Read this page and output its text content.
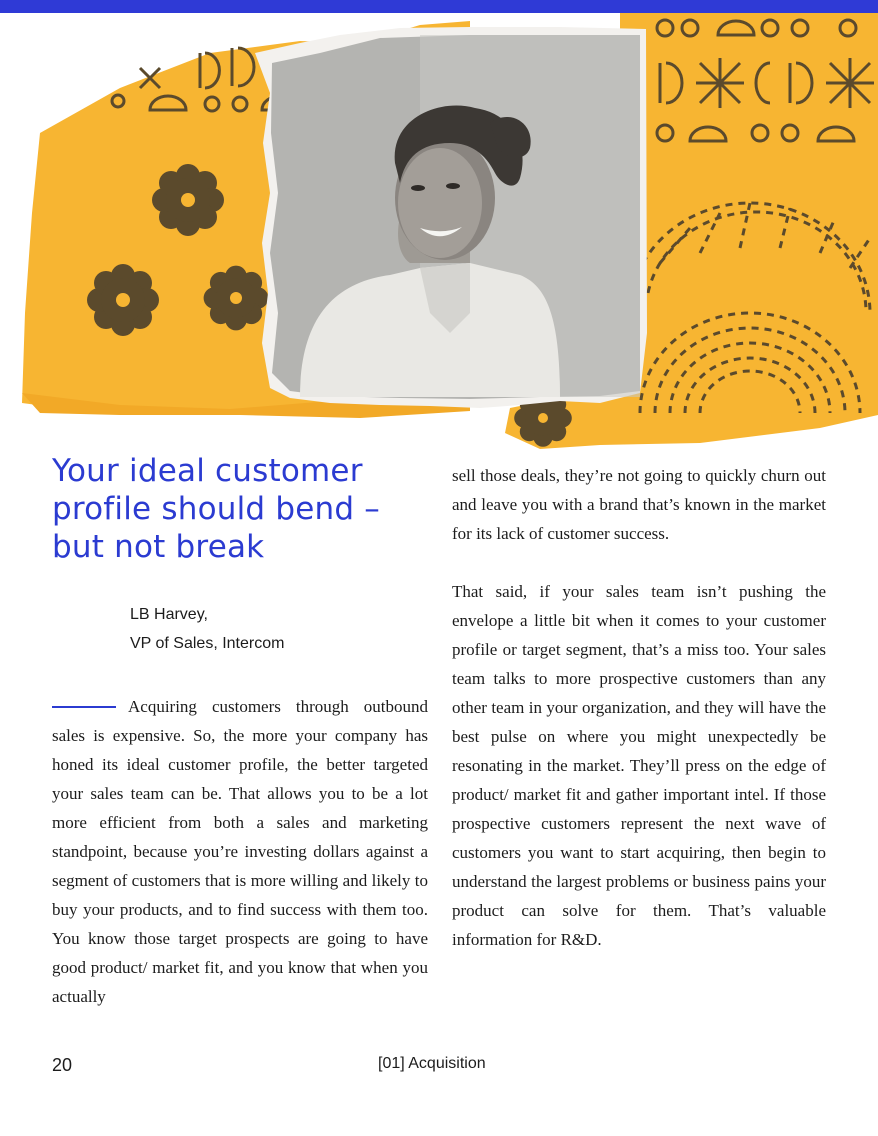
Your ideal customer profile should bend – but not break
LB Harvey,
VP of Sales, Intercom

Acquiring customers through outbound sales is expensive. So, the more your company has honed its ideal customer profile, the better targeted your sales team can be. That allows you to be a lot more efficient from both a sales and marketing standpoint, because you’re investing dollars against a segment of customers that is more willing and likely to buy your products, and to find success with them too. You know those target prospects are going to have good product/ market fit, and you know that when you actually

sell those deals, they’re not going to quickly churn out and leave you with a brand that’s known in the market for its lack of customer success.

That said, if your sales team isn’t pushing the envelope a little bit when it comes to your customer profile or target segment, that’s a miss too. Your sales team talks to more prospective customers than any other team in your organization, and they will have the best pulse on where you might unexpectedly be resonating in the market. They’ll press on the edge of product/ market fit and gather important intel. If those prospective customers represent the next wave of customers you want to start acquiring, then begin to understand the largest problems or business pains your product can solve for them. That’s valuable information for R&D.

20	[01] Acquisition
